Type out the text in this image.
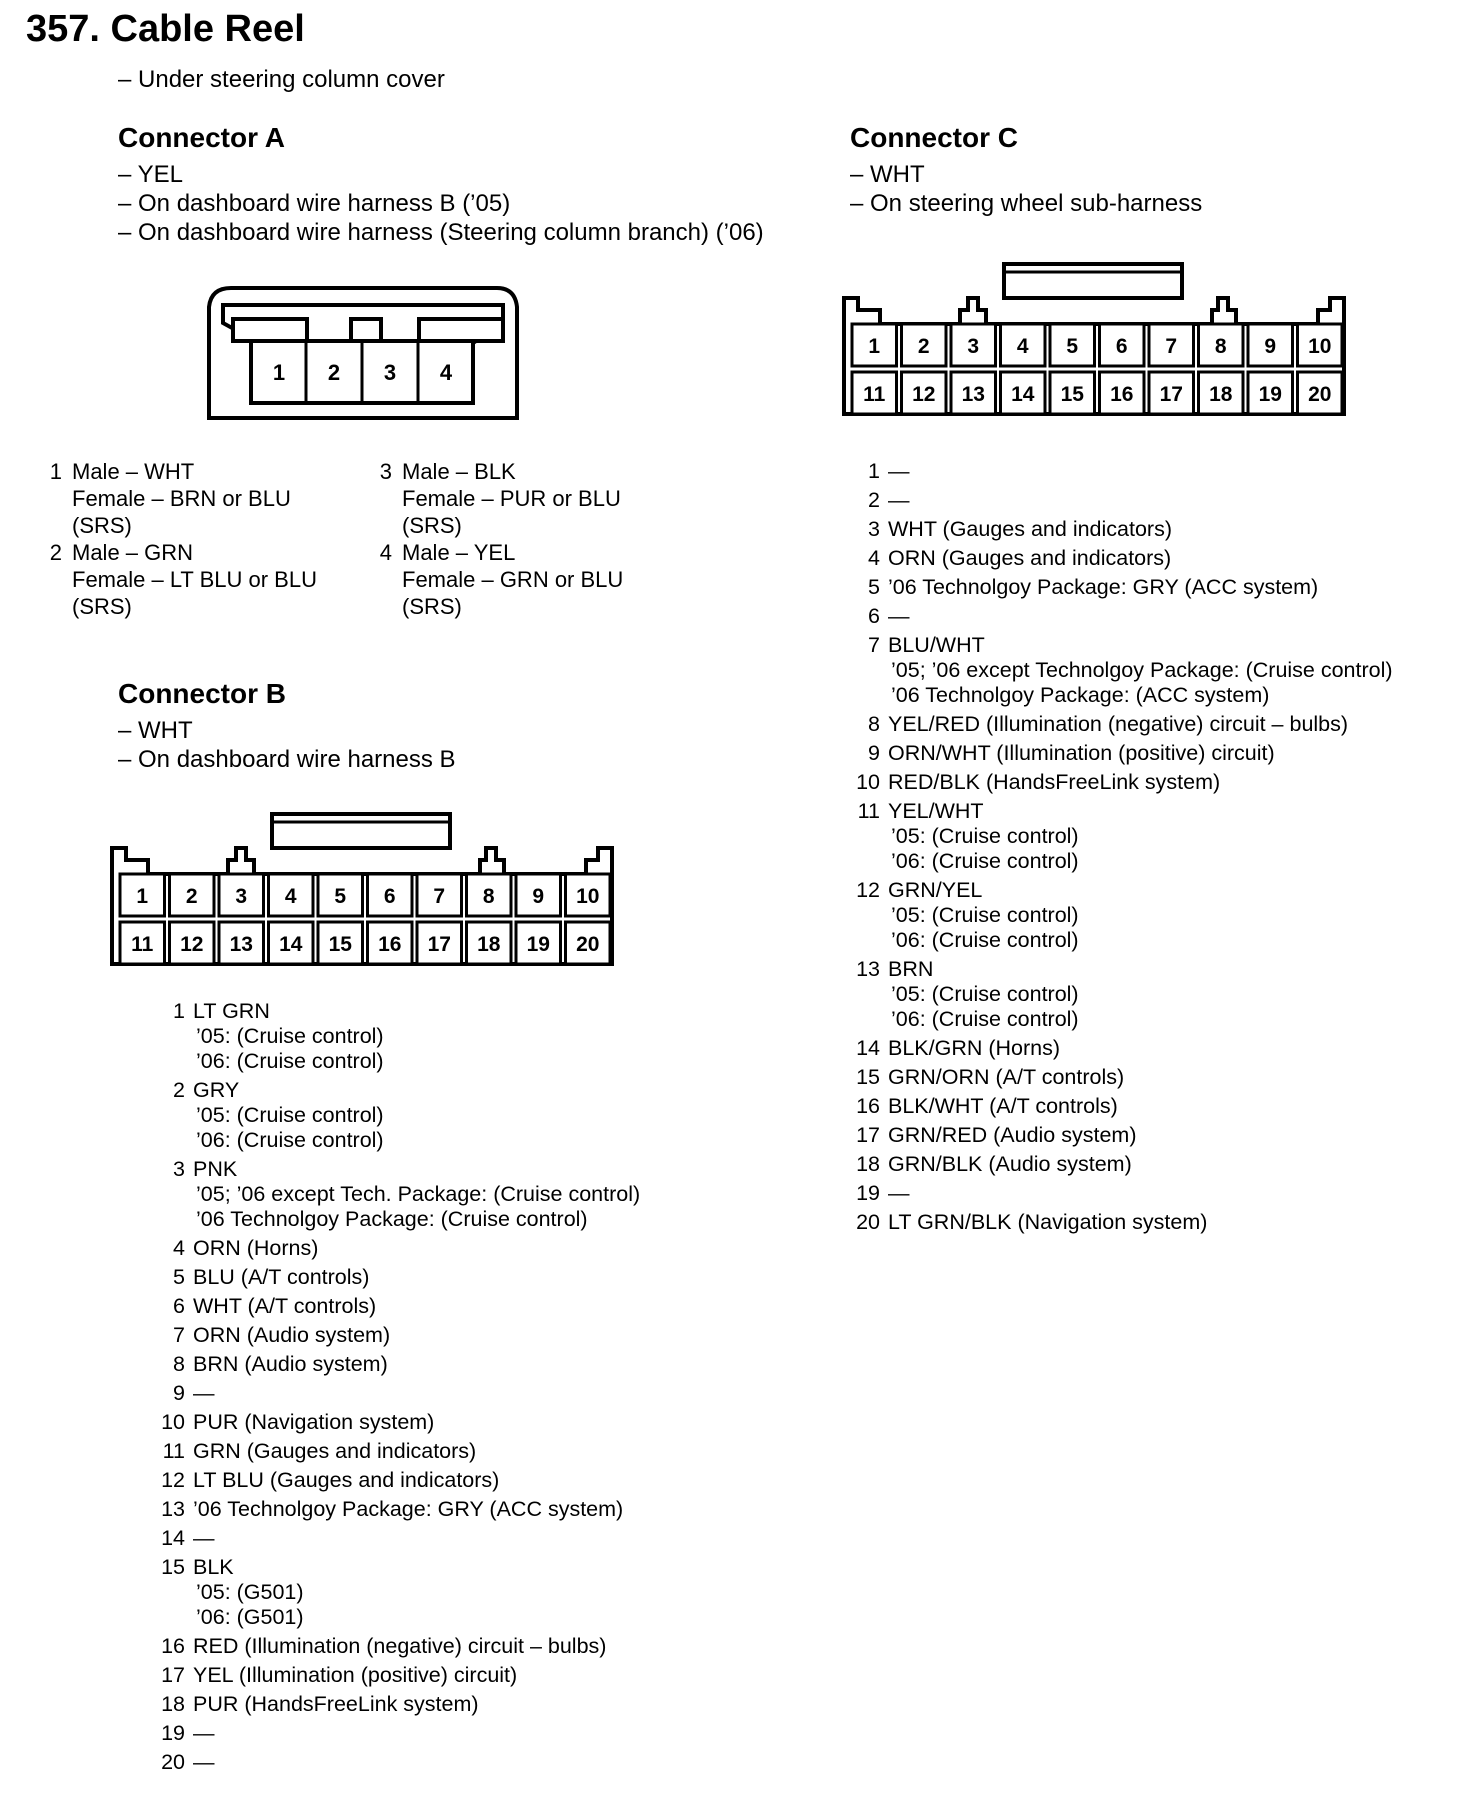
357. Cable Reel
– Under steering column cover
Connector A
– YEL
– On dashboard wire harness B (’05)
– On dashboard wire harness (Steering column branch) (’06)
1 2 3 4
1 Male – WHT
Female – BRN or BLU
(SRS)
2 Male – GRN
Female – LT BLU or BLU
(SRS)
3 Male – BLK
Female – PUR or BLU
(SRS)
4 Male – YEL
Female – GRN or BLU
(SRS)
Connector B
– WHT
– On dashboard wire harness B
1
11
2
12
3
13
4
14
5
15
6
16
7
17
8
18
9
19
10
20
1 LT GRN
’05: (Cruise control)
’06: (Cruise control)
2 GRY
’05: (Cruise control)
’06: (Cruise control)
3 PNK
’05; ’06 except Tech. Package: (Cruise control)
’06 Technolgoy Package: (Cruise control)
4 ORN (Horns)
5 BLU (A/T controls)
6 WHT (A/T controls)
7 ORN (Audio system)
8 BRN (Audio system)
9 —
10 PUR (Navigation system)
11 GRN (Gauges and indicators)
12 LT BLU (Gauges and indicators)
13 ’06 Technolgoy Package: GRY (ACC system)
14 —
15 BLK
’05: (G501)
’06: (G501)
16 RED (Illumination (negative) circuit – bulbs)
17 YEL (Illumination (positive) circuit)
18 PUR (HandsFreeLink system)
19 —
20 —
Connector C
– WHT
– On steering wheel sub-harness
1
11
2
12
3
13
4
14
5
15
6
16
7
17
8
18
9
19
10
20
1 —
2 —
3 WHT (Gauges and indicators)
4 ORN (Gauges and indicators)
5 ’06 Technolgoy Package: GRY (ACC system)
6 —
7 BLU/WHT
’05; ’06 except Technolgoy Package: (Cruise control)
’06 Technolgoy Package: (ACC system)
8 YEL/RED (Illumination (negative) circuit – bulbs)
9 ORN/WHT (Illumination (positive) circuit)
10 RED/BLK (HandsFreeLink system)
11 YEL/WHT
’05: (Cruise control)
’06: (Cruise control)
12 GRN/YEL
’05: (Cruise control)
’06: (Cruise control)
13 BRN
’05: (Cruise control)
’06: (Cruise control)
14 BLK/GRN (Horns)
15 GRN/ORN (A/T controls)
16 BLK/WHT (A/T controls)
17 GRN/RED (Audio system)
18 GRN/BLK (Audio system)
19 —
20 LT GRN/BLK (Navigation system)
